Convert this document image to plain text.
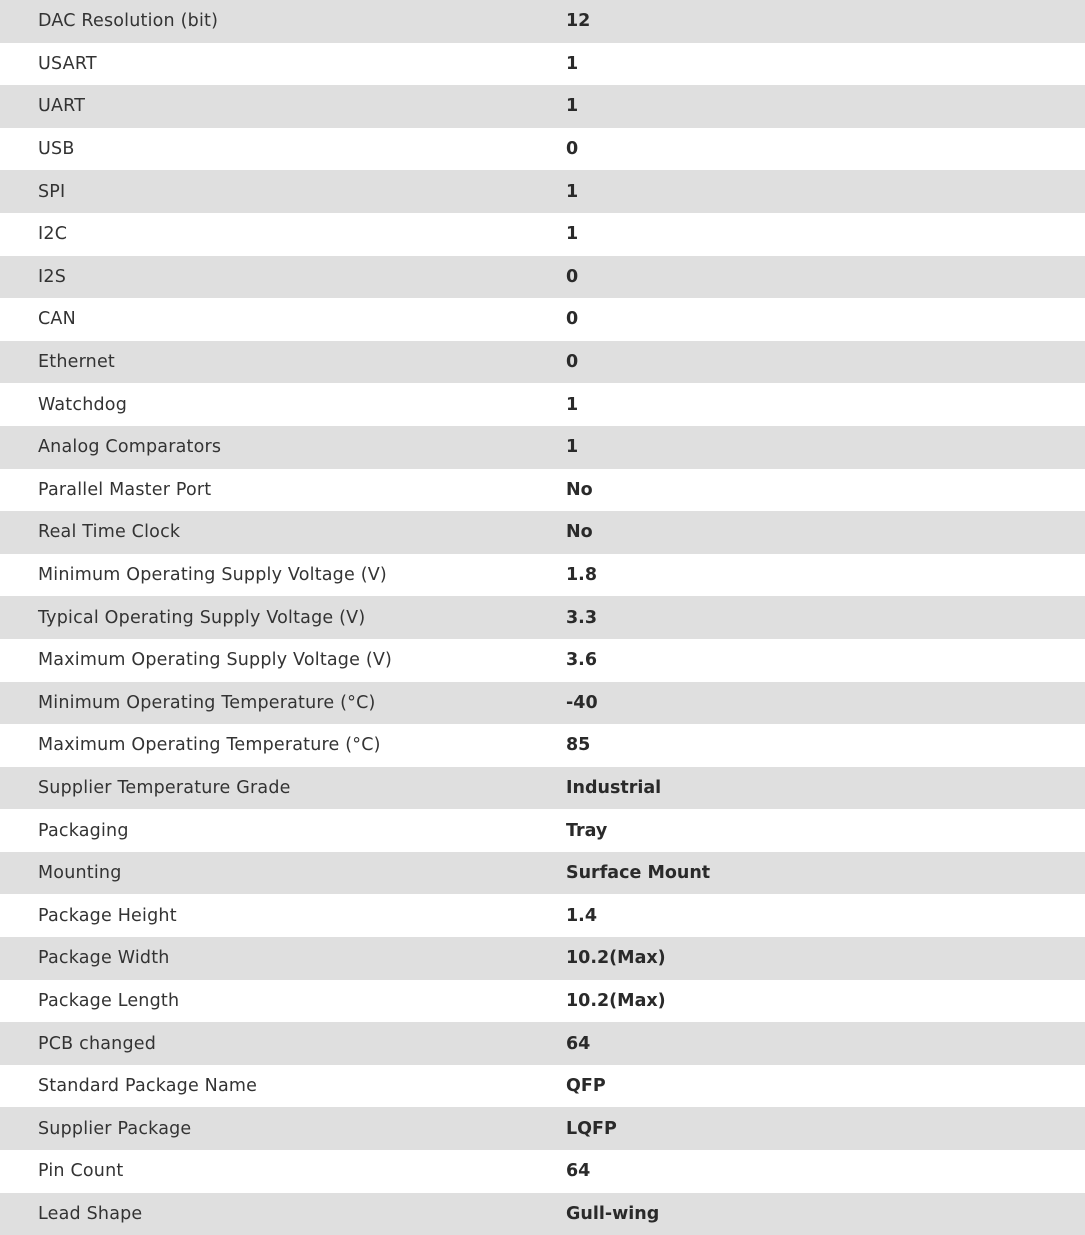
DAC Resolution (bit)	12
USART	1
UART	1
USB	0
SPI	1
I2C	1
I2S	0
CAN	0
Ethernet	0
Watchdog	1
Analog Comparators	1
Parallel Master Port	No
Real Time Clock	No
Minimum Operating Supply Voltage (V)	1.8
Typical Operating Supply Voltage (V)	3.3
Maximum Operating Supply Voltage (V)	3.6
Minimum Operating Temperature (°C)	-40
Maximum Operating Temperature (°C)	85
Supplier Temperature Grade	Industrial
Packaging	Tray
Mounting	Surface Mount
Package Height	1.4
Package Width	10.2(Max)
Package Length	10.2(Max)
PCB changed	64
Standard Package Name	QFP
Supplier Package	LQFP
Pin Count	64
Lead Shape	Gull-wing
